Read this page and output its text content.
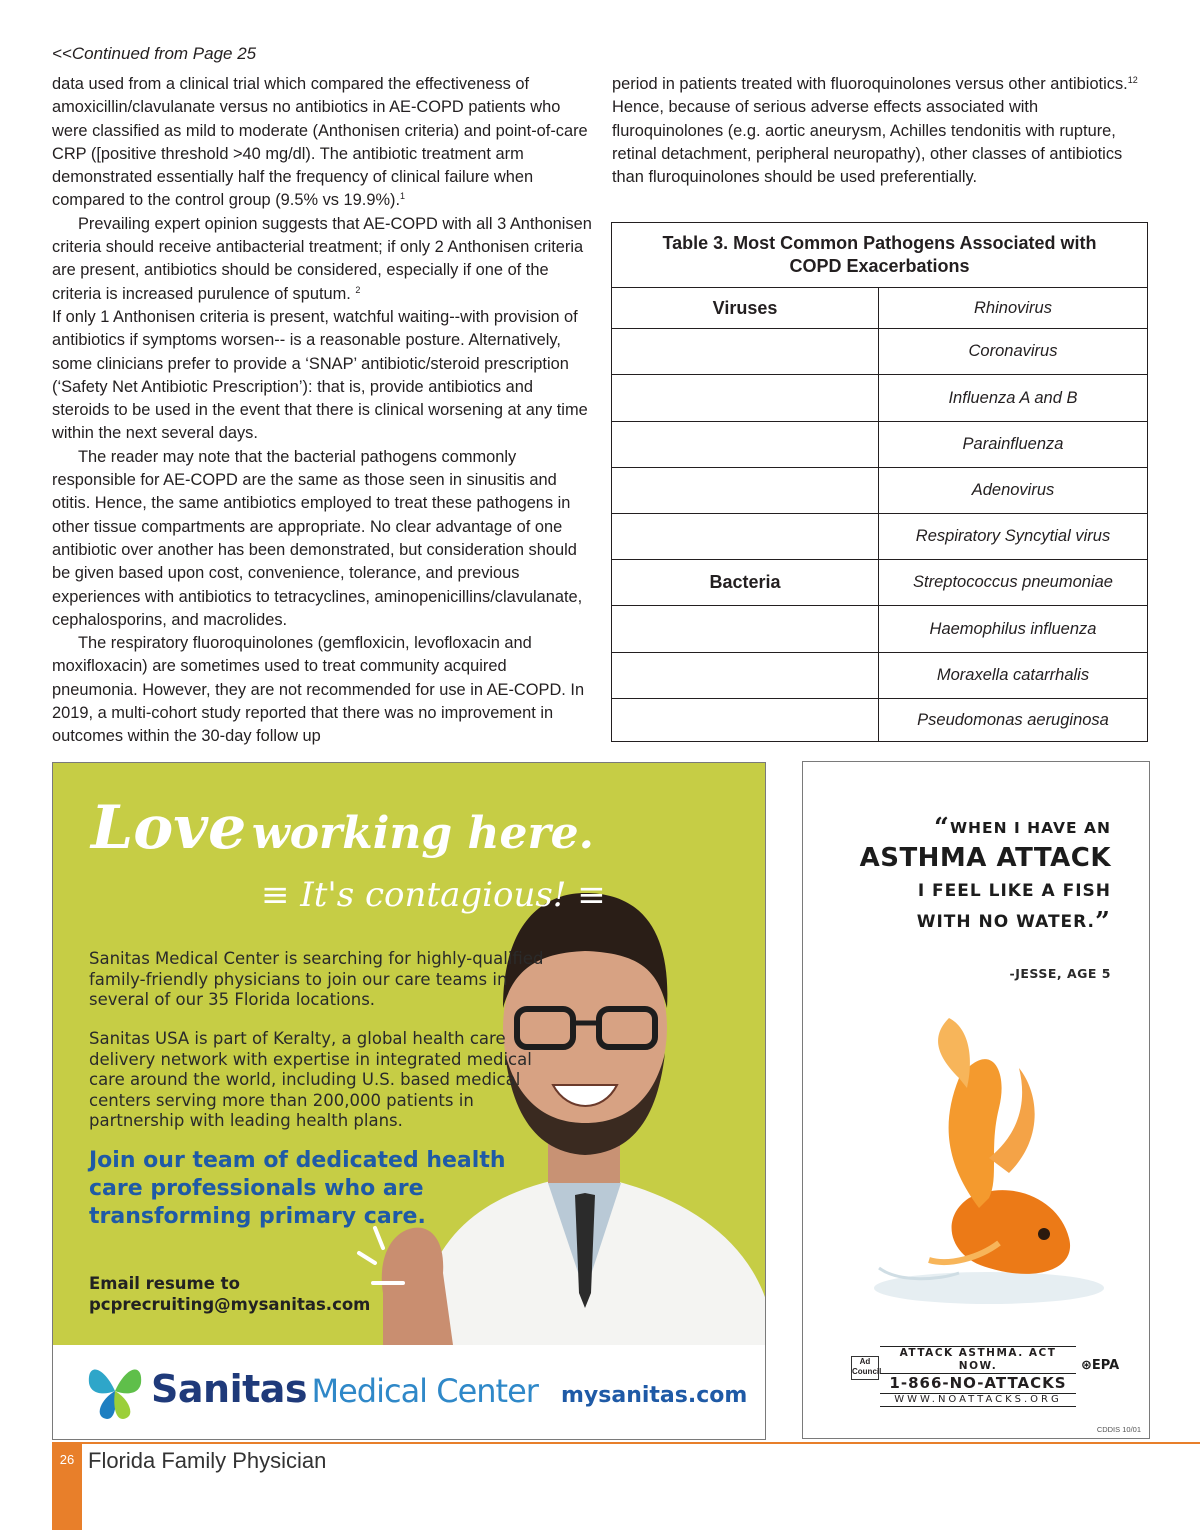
<<Continued from Page 25

data used from a clinical trial which compared the effectiveness of amoxicillin/clavulanate versus no antibiotics in AE-COPD patients who were classified as mild to moderate (Anthonisen criteria) and point-of-care CRP ([positive threshold >40 mg/dl). The antibiotic treatment arm demonstrated essentially half the frequency of clinical failure when compared to the control group (9.5% vs 19.9%).$^1$

Prevailing expert opinion suggests that AE-COPD with all 3 Anthonisen criteria should receive antibacterial treatment; if only 2 Anthonisen criteria are present, antibiotics should be considered, especially if one of the criteria is increased purulence of sputum. $^2$

If only 1 Anthonisen criteria is present, watchful waiting--with provision of antibiotics if symptoms worsen-- is a reasonable posture. Alternatively, some clinicians prefer to provide a ‘SNAP’ antibiotic/steroid prescription (‘Safety Net Antibiotic Prescription’): that is, provide antibiotics and steroids to be used in the event that there is clinical worsening at any time within the next several days.

The reader may note that the bacterial pathogens commonly responsible for AE-COPD are the same as those seen in sinusitis and otitis. Hence, the same antibiotics employed to treat these pathogens in other tissue compartments are appropriate. No clear advantage of one antibiotic over another has been demonstrated, but consideration should be given based upon cost, convenience, tolerance, and previous experiences with antibiotics to tetracyclines, aminopenicillins/clavulanate, cephalosporins, and macrolides.

The respiratory fluoroquinolones (gemfloxicin, levofloxacin and moxifloxacin) are sometimes used to treat community acquired pneumonia. However, they are not recommended for use in AE-COPD. In 2019, a multi-cohort study reported that there was no improvement in outcomes within the 30-day follow up

period in patients treated with fluoroquinolones versus other antibiotics.$^{12}$ Hence, because of serious adverse effects associated with fluroquinolones (e.g. aortic aneurysm, Achilles tendonitis with rupture, retinal detachment, peripheral neuropathy), other classes of antibiotics than fluroquinolones should be used preferentially.

Table 3. Most Common Pathogens Associated with COPD Exacerbations
Viruses	Rhinovirus
Coronavirus
Influenza A and B
Parainfluenza
Adenovirus
Respiratory Syncytial virus
Bacteria	Streptococcus pneumoniae
Haemophilus influenza
Moraxella catarrhalis
Pseudomonas aeruginosa
Love working here.
≡ It's contagious! ≡
Sanitas Medical Center is searching for highly-qualified family-friendly physicians to join our care teams in several of our 35 Florida locations.
Sanitas USA is part of Keralty, a global health care delivery network with expertise in integrated medical care around the world, including U.S. based medical centers serving more than 200,000 patients in partnership with leading health plans.
Join our team of dedicated health care professionals who are transforming primary care.
Email resume to
pcprecruiting@mysanitas.com
Sanitas Medical Center mysanitas.com
“WHEN I HAVE AN
ASTHMA ATTACK
I FEEL LIKE A FISH
WITH NO WATER.”
-JESSE, AGE 5
Ad Council
ATTACK ASTHMA. ACT NOW.
1-866-NO-ATTACKS
WWW.NOATTACKS.ORG
⊛EPA
CDDIS 10/01
26 Florida Family Physician
